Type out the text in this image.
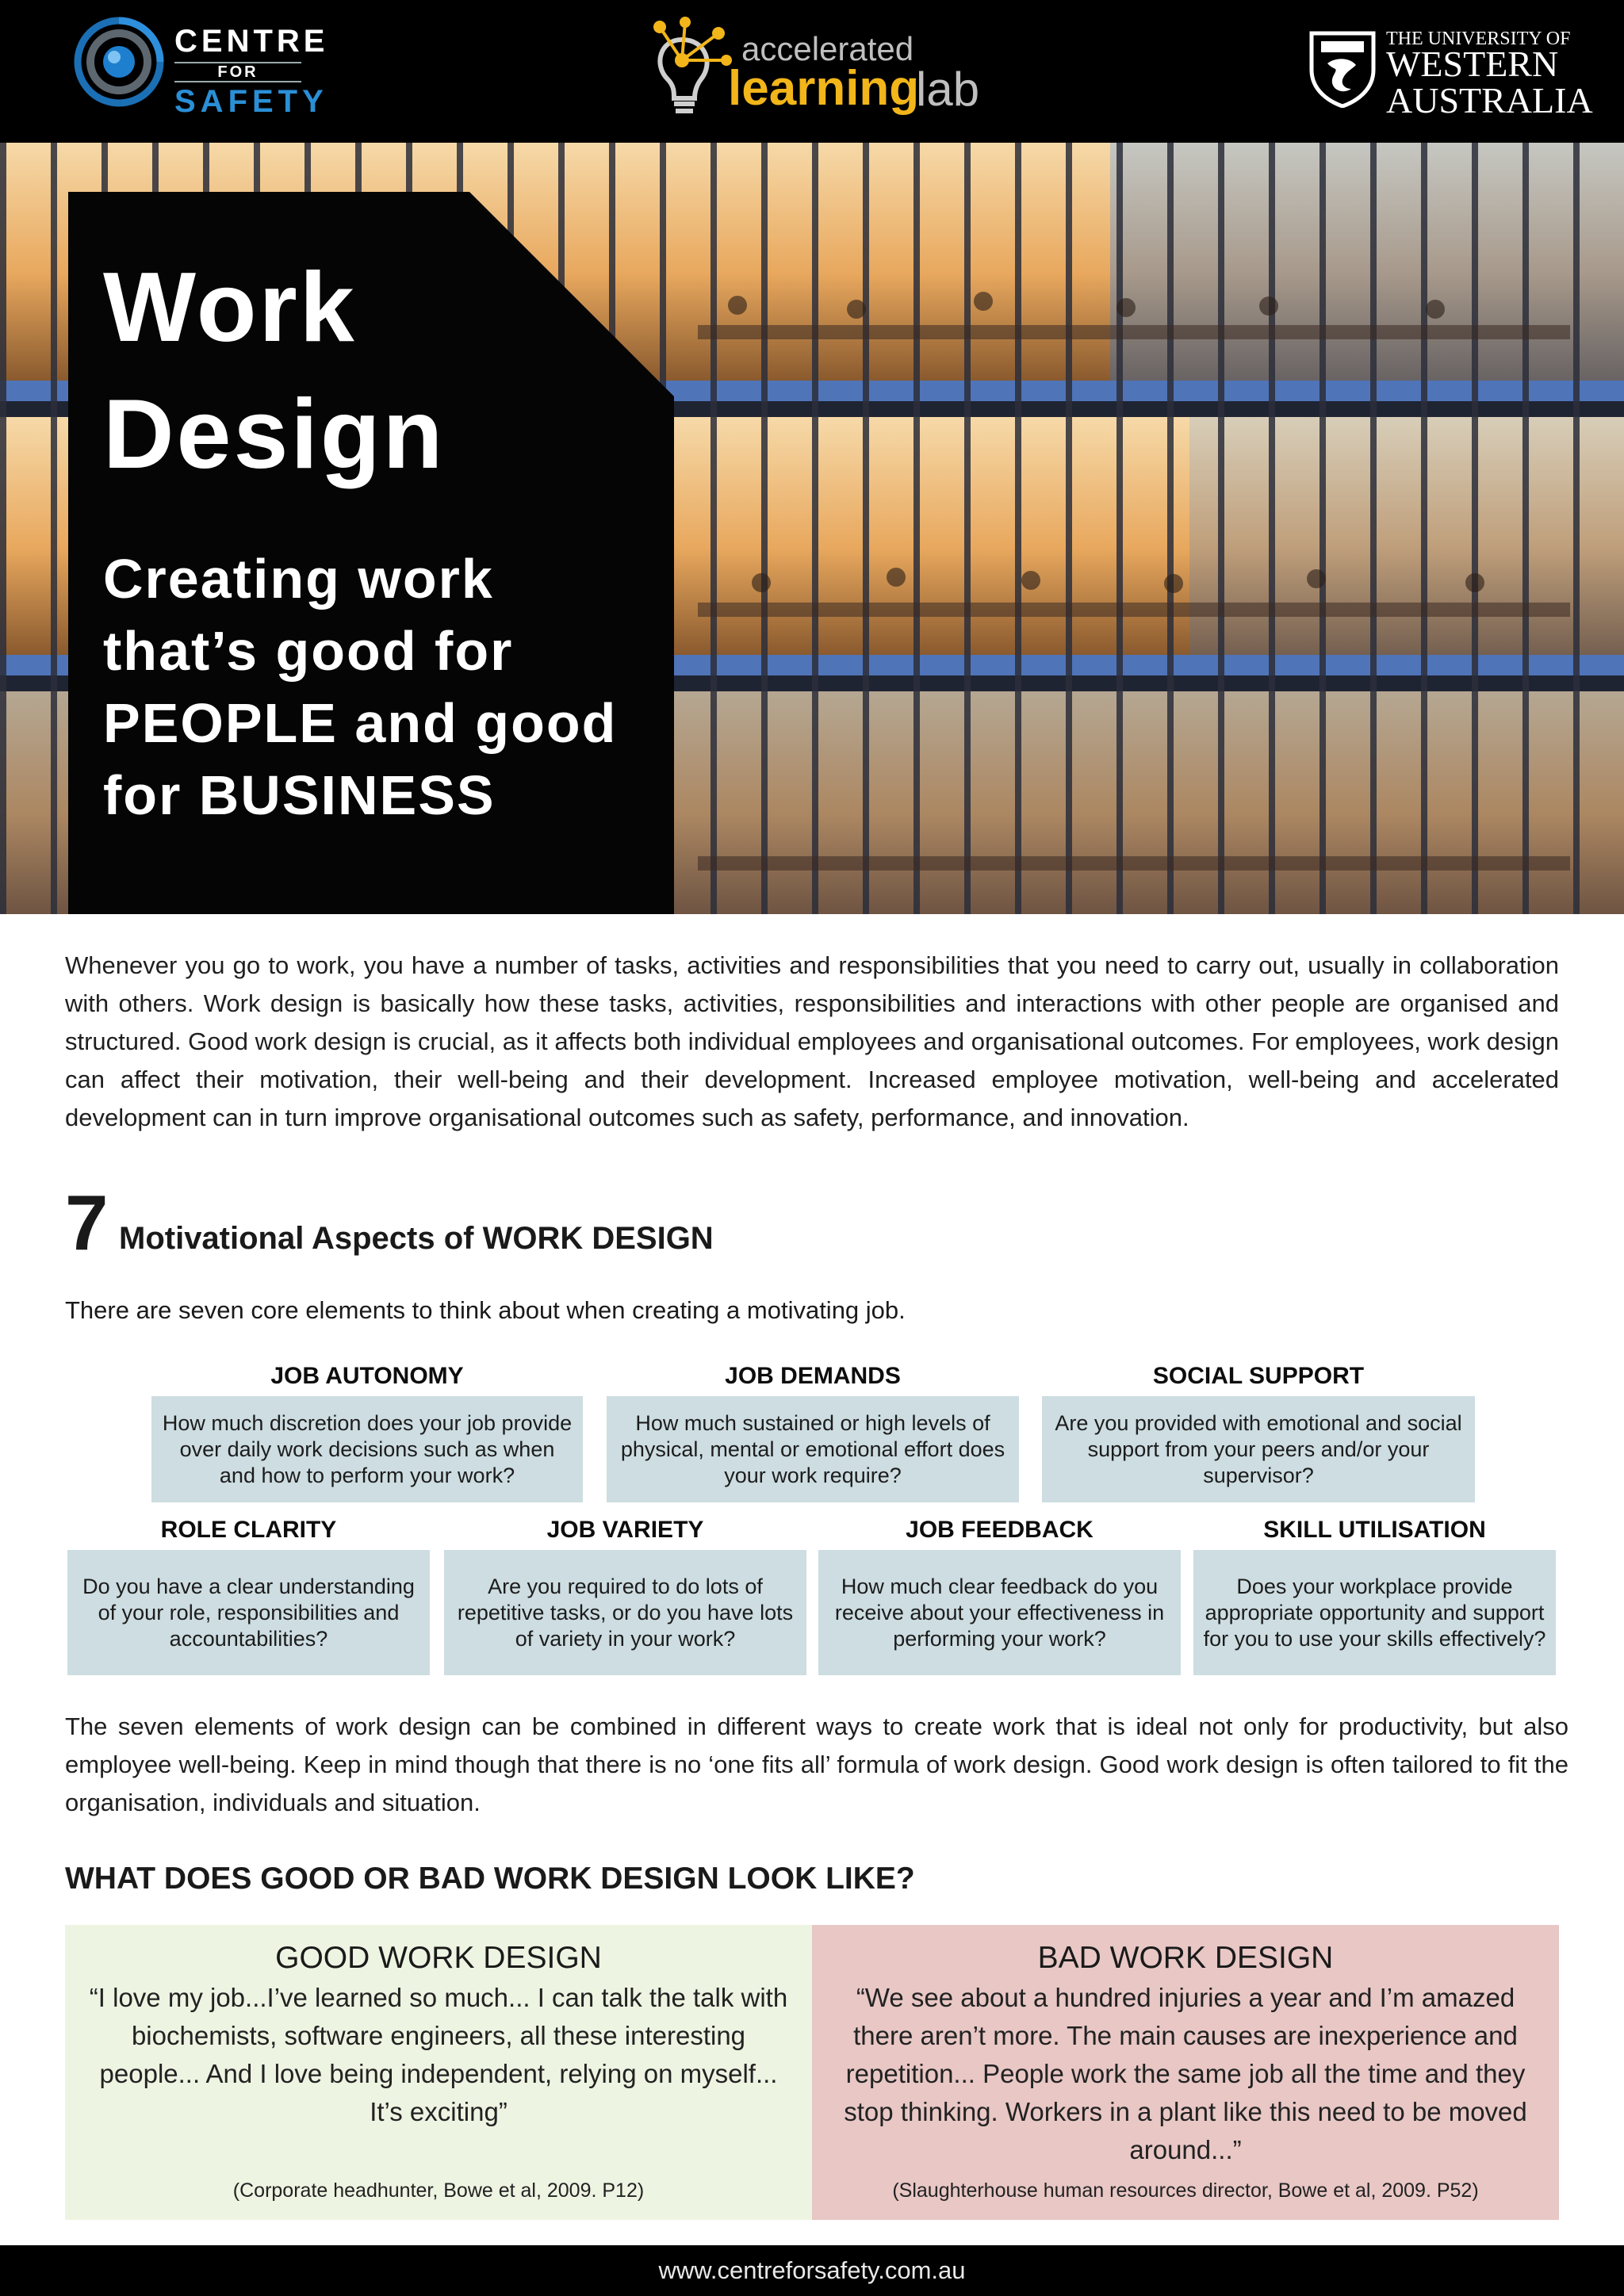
CENTRE
FOR
SAFETY
accelerated
learning
lab
THE UNIVERSITY OF
WESTERN
AUSTRALIA
Work
Design
Creating work
that’s good for
PEOPLE and good
for BUSINESS

Whenever you go to work, you have a number of tasks, activities and responsibilities that you need to carry out, usually in collaboration with others. Work design is basically how these tasks, activities, responsibilities and interactions with other people are organised and structured. Good work design is crucial, as it affects both individual employees and organisational outcomes. For employees, work design can affect their motivation, their well-being and their development. Increased employee motivation, well-being and accelerated development can in turn improve organisational outcomes such as safety, performance, and innovation.

7 Motivational Aspects of WORK DESIGN

There are seven core elements to think about when creating a motivating job.

JOB AUTONOMY
How much discretion does your job provide over daily work decisions such as when and how to perform your work?
JOB DEMANDS
How much sustained or high levels of physical, mental or emotional effort does your work require?
SOCIAL SUPPORT
Are you provided with emotional and social support from your peers and/or your supervisor?
ROLE CLARITY
Do you have a clear understanding of your role, responsibilities and accountabilities?
JOB VARIETY
Are you required to do lots of repetitive tasks, or do you have lots of variety in your work?
JOB FEEDBACK
How much clear feedback do you receive about your effectiveness in performing your work?
SKILL UTILISATION
Does your workplace provide appropriate opportunity and support for you to use your skills effectively?

The seven elements of work design can be combined in different ways to create work that is ideal not only for productivity, but also employee well-being. Keep in mind though that there is no ‘one fits all’ formula of work design. Good work design is often tailored to fit the organisation, individuals and situation.

WHAT DOES GOOD OR BAD WORK DESIGN LOOK LIKE?
GOOD WORK DESIGN
“I love my job...I’ve learned so much... I can talk the talk with biochemists, software engineers, all these interesting people... And I love being independent, relying on myself... It’s exciting”
(Corporate headhunter, Bowe et al, 2009. P12)
BAD WORK DESIGN
“We see about a hundred injuries a year and I’m amazed there aren’t more. The main causes are inexperience and repetition... People work the same job all the time and they stop thinking. Workers in a plant like this need to be moved around...”
(Slaughterhouse human resources director, Bowe et al, 2009. P52)
www.centreforsafety.com.au
